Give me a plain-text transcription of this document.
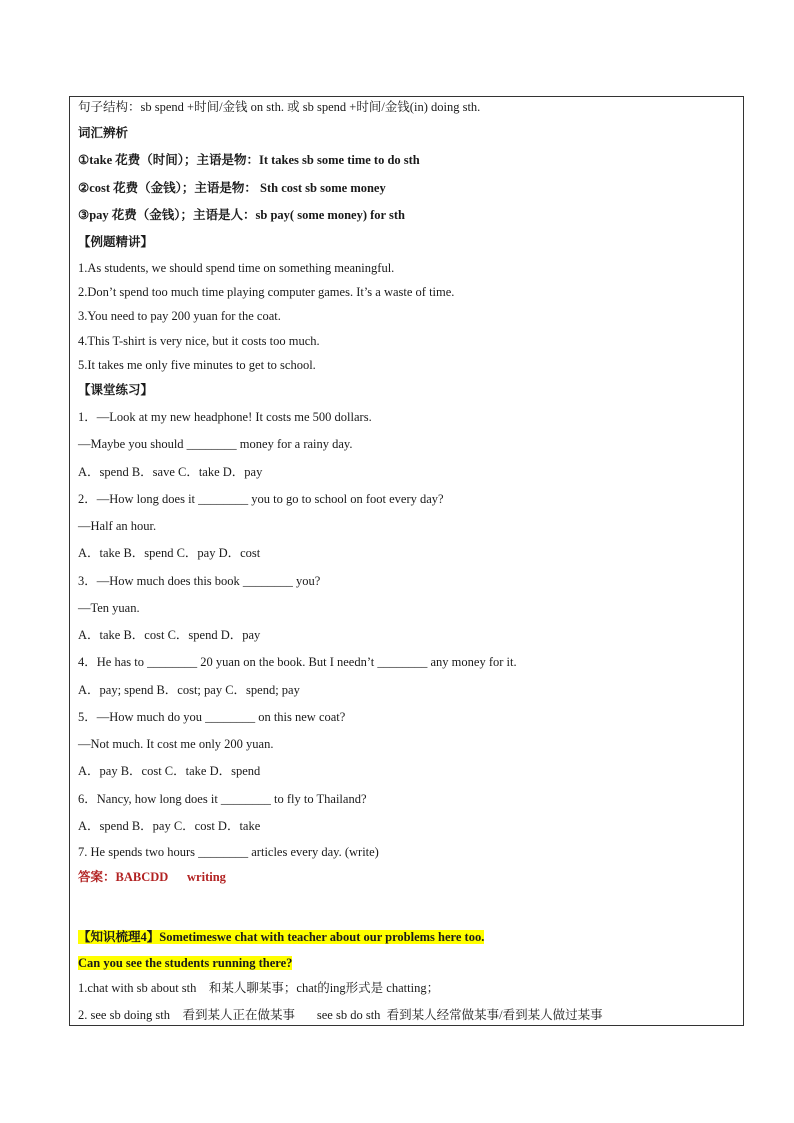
句子结构：sb spend +时间/金钱 on sth. 或 sb spend +时间/金钱(in) doing sth.
词汇辨析
①take 花费（时间）；主语是物：It takes sb some time to do sth
②cost 花费（金钱）；主语是物： Sth cost sb some money
③pay 花费（金钱）；主语是人：sb pay( some money) for sth
【例题精讲】
1.As students, we should spend time on something meaningful.
2.Don’t spend too much time playing computer games. It’s a waste of time.
3.You need to pay 200 yuan for the coat.
4.This T-shirt is very nice, but it costs too much.
5.It takes me only five minutes to get to school.
【课堂练习】
1．—Look at my new headphone! It costs me 500 dollars.
—Maybe you should ________ money for a rainy day.
A．spend B．save C．take D．pay
2．—How long does it ________ you to go to school on foot every day?
—Half an hour.
A．take B．spend C．pay D．cost
3．—How much does this book ________ you?
—Ten yuan.
A．take B．cost C．spend D．pay
4．He has to ________ 20 yuan on the book. But I needn’t ________ any money for it.
A．pay; spend B．cost; pay C．spend; pay
5．—How much do you ________ on this new coat?
—Not much. It cost me only 200 yuan.
A．pay B．cost C．take D．spend
6．Nancy, how long does it ________ to fly to Thailand?
A．spend B．pay C．cost D．take
7. He spends two hours ________ articles every day. (write)
答案：BABCDD      writing
【知识梳理4】Sometimeswe chat with teacher about our problems here too.
Can you see the students running there?
1.chat with sb about sth    和某人聊某事；chat的ing形式是 chatting；
2. see sb doing sth    看到某人正在做某事       see sb do sth  看到某人经常做某事/看到某人做过某事
